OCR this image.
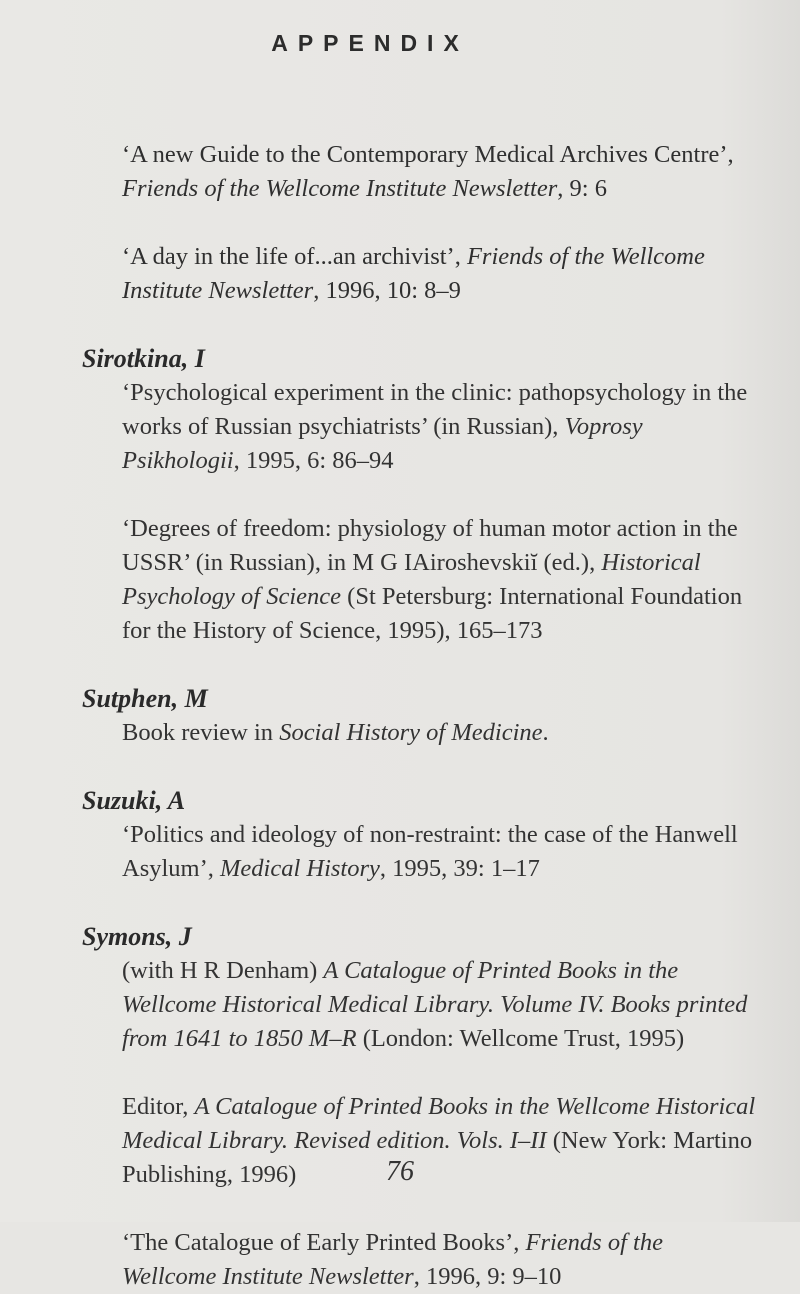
APPENDIX
‘A new Guide to the Contemporary Medical Archives Centre’, Friends of the Wellcome Institute Newsletter, 9: 6
‘A day in the life of...an archivist’, Friends of the Wellcome Institute Newsletter, 1996, 10: 8–9
Sirotkina, I
‘Psychological experiment in the clinic: pathopsychology in the works of Russian psychiatrists’ (in Russian), Voprosy Psikhologii, 1995, 6: 86–94
‘Degrees of freedom: physiology of human motor action in the USSR’ (in Russian), in M G IAiroshevskiĭ (ed.), Historical Psychology of Science (St Petersburg: International Foundation for the History of Science, 1995), 165–173
Sutphen, M
Book review in Social History of Medicine.
Suzuki, A
‘Politics and ideology of non-restraint: the case of the Hanwell Asylum’, Medical History, 1995, 39: 1–17
Symons, J
(with H R Denham) A Catalogue of Printed Books in the Wellcome Historical Medical Library. Volume IV. Books printed from 1641 to 1850 M–R (London: Wellcome Trust, 1995)
Editor, A Catalogue of Printed Books in the Wellcome Historical Medical Library. Revised edition. Vols. I–II (New York: Martino Publishing, 1996)
‘The Catalogue of Early Printed Books’, Friends of the Wellcome Institute Newsletter, 1996, 9: 9–10
76
